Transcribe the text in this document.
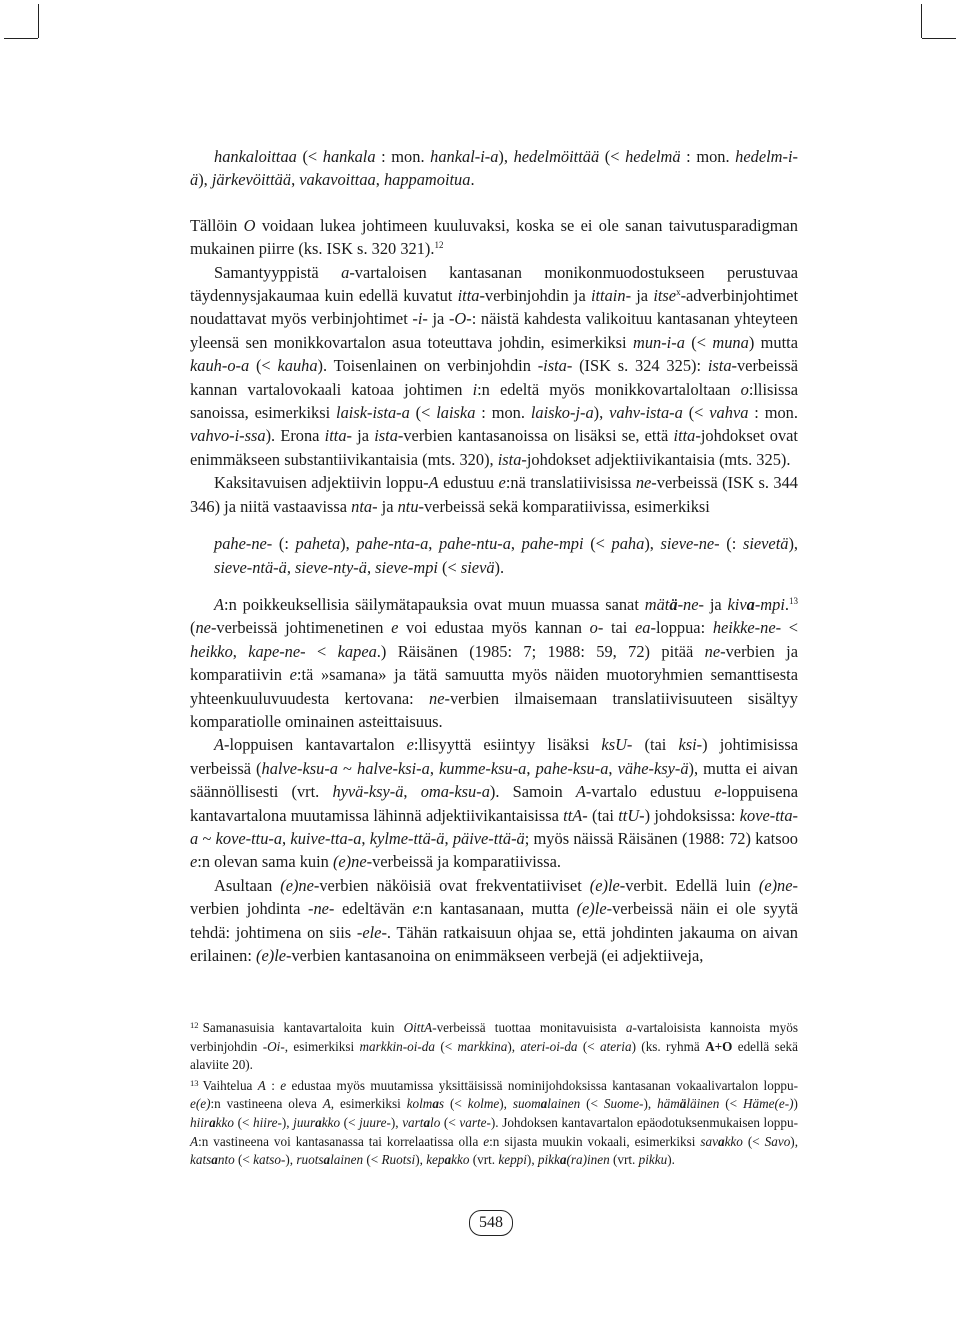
hankaloittaa (< hankala : mon. hankal-i-a), hedelmöittää (< hedelmä : mon. hedelm-i-ä), järkevöittää, vakavoittaa, happamoitua.

Tällöin O voidaan lukea johtimeen kuuluvaksi, koska se ei ole sanan taivutusparadigman mukainen piirre (ks. ISK s. 320 321).$^{12}$

Samantyyppistä a-vartaloisen kantasanan monikonmuodostukseen perustuvaa täydennysjakaumaa kuin edellä kuvatut itta-verbinjohdin ja ittain- ja itse$^x$-adverbinjohtimet noudattavat myös verbinjohtimet -i- ja -O-: näistä kahdesta valikoituu kantasanan yhteyteen yleensä sen monikkovartalon asua toteuttava johdin, esimerkiksi mun-i-a (< muna) mutta kauh-o-a (< kauha). Toisenlainen on verbinjohdin -ista- (ISK s. 324 325): ista-verbeissä kannan vartalovokaali katoaa johtimen i:n edeltä myös monikkovartaloltaan o:llisissa sanoissa, esimerkiksi laisk-ista-a (< laiska : mon. laisko-j-a), vahv-ista-a (< vahva : mon. vahvo-i-ssa). Erona itta- ja ista-verbien kantasanoissa on lisäksi se, että itta-johdokset ovat enimmäkseen substantiivikantaisia (mts. 320), ista-johdokset adjektiivikantaisia (mts. 325).

Kaksitavuisen adjektiivin loppu-A edustuu e:nä translatiivisissa ne-verbeissä (ISK s. 344 346) ja niitä vastaavissa nta- ja ntu-verbeissä sekä komparatiivissa, esimerkiksi

pahe-ne- (: paheta), pahe-nta-a, pahe-ntu-a, pahe-mpi (< paha), sieve-ne- (: sievetä), sieve-ntä-ä, sieve-nty-ä, sieve-mpi (< sievä).

A:n poikkeuksellisia säilymätapauksia ovat muun muassa sanat mätä-ne- ja kiva-mpi.$^{13}$ (ne-verbeissä johtimenetinen e voi edustaa myös kannan o- tai ea-loppua: heikke-ne- < heikko, kape-ne- < kapea.) Räisänen (1985: 7; 1988: 59, 72) pitää ne-verbien ja komparatiivin e:tä »samana» ja tätä samuutta myös näiden muotoryhmien semanttisesta yhteenkuuluvuudesta kertovana: ne-verbien ilmaisemaan translatiivisuuteen sisältyy komparatiolle ominainen asteittaisuus.

A-loppuisen kantavartalon e:llisyyttä esiintyy lisäksi ksU- (tai ksi-) johtimisissa verbeissä (halve-ksu-a ~ halve-ksi-a, kumme-ksu-a, pahe-ksu-a, vähe-ksy-ä), mutta ei aivan säännöllisesti (vrt. hyvä-ksy-ä, oma-ksu-a). Samoin A-vartalo edustuu e-loppuisena kantavartalona muutamissa lähinnä adjektiivikantaisissa ttA- (tai ttU-) johdoksissa: kove-tta-a ~ kove-ttu-a, kuive-tta-a, kylme-ttä-ä, päive-ttä-ä; myös näissä Räisänen (1988: 72) katsoo e:n olevan sama kuin (e)ne-verbeissä ja komparatiivissa.

Asultaan (e)ne-verbien näköisiä ovat frekventatiiviset (e)le-verbit. Edellä luin (e)ne-verbien johdinta -ne- edeltävän e:n kantasanaan, mutta (e)le-verbeissä näin ei ole syytä tehdä: johtimena on siis -ele-. Tähän ratkaisuun ohjaa se, että johdinten jakauma on aivan erilainen: (e)le-verbien kantasanoina on enimmäkseen verbejä (ei adjektiiveja,

$^{12}$ Samanasuisia kantavartaloita kuin OittA-verbeissä tuottaa monitavuisista a-vartaloisista kannoista myös verbinjohdin -Oi-, esimerkiksi markkin-oi-da (< markkina), ateri-oi-da (< ateria) (ks. ryhmä A+O edellä sekä alaviite 20).

$^{13}$ Vaihtelua A : e edustaa myös muutamissa yksittäisissä nominijohdoksissa kantasanan vokaalivartalon loppu-e(e):n vastineena oleva A, esimerkiksi kolmas (< kolme), suomalainen (< Suome-), hämäläinen (< Häme(e-)) hiirakko (< hiire-), juurakko (< juure-), vartalo (< varte-). Johdoksen kantavartalon epäodotuksenmukaisen loppu-A:n vastineena voi kantasanassa tai korrelaatissa olla e:n sijasta muukin vokaali, esimerkiksi savakko (< Savo), katsanto (< katso-), ruotsalainen (< Ruotsi), kepakko (vrt. keppi), pikka(ra)inen (vrt. pikku).

548
